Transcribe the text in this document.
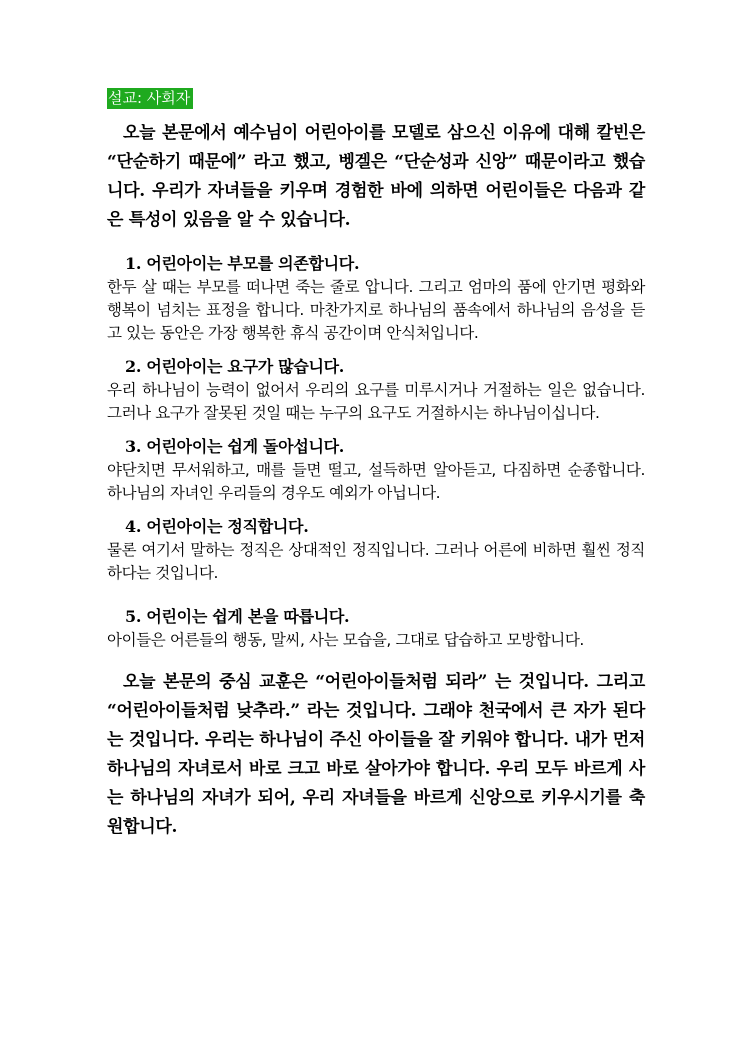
설교: 사회자

오늘 본문에서 예수님이 어린아이를 모델로 삼으신 이유에 대해 칼빈은 “단순하기 때문에” 라고 했고, 벵겔은 “단순성과 신앙” 때문이라고 했습니다. 우리가 자녀들을 키우며 경험한 바에 의하면 어린이들은 다음과 같은 특성이 있음을 알 수 있습니다.

1. 어린아이는 부모를 의존합니다.

한두 살 때는 부모를 떠나면 죽는 줄로 압니다. 그리고 엄마의 품에 안기면 평화와 행복이 넘치는 표정을 합니다. 마찬가지로 하나님의 품속에서 하나님의 음성을 듣고 있는 동안은 가장 행복한 휴식 공간이며 안식처입니다.

2. 어린아이는 요구가 많습니다.

우리 하나님이 능력이 없어서 우리의 요구를 미루시거나 거절하는 일은 없습니다. 그러나 요구가 잘못된 것일 때는 누구의 요구도 거절하시는 하나님이십니다.

3. 어린아이는 쉽게 돌아섭니다.

야단치면 무서워하고, 매를 들면 떨고, 설득하면 알아듣고, 다짐하면 순종합니다. 하나님의 자녀인 우리들의 경우도 예외가 아닙니다.

4. 어린아이는 정직합니다.

물론 여기서 말하는 정직은 상대적인 정직입니다. 그러나 어른에 비하면 훨씬 정직하다는 것입니다.

5. 어린이는 쉽게 본을 따릅니다.

아이들은 어른들의 행동, 말씨, 사는 모습을, 그대로 답습하고 모방합니다.

오늘 본문의 중심 교훈은 “어린아이들처럼 되라” 는 것입니다. 그리고 “어린아이들처럼 낮추라.” 라는 것입니다. 그래야 천국에서 큰 자가 된다는 것입니다. 우리는 하나님이 주신 아이들을 잘 키워야 합니다. 내가 먼저 하나님의 자녀로서 바로 크고 바로 살아가야 합니다. 우리 모두 바르게 사는 하나님의 자녀가 되어, 우리 자녀들을 바르게 신앙으로 키우시기를 축원합니다.
